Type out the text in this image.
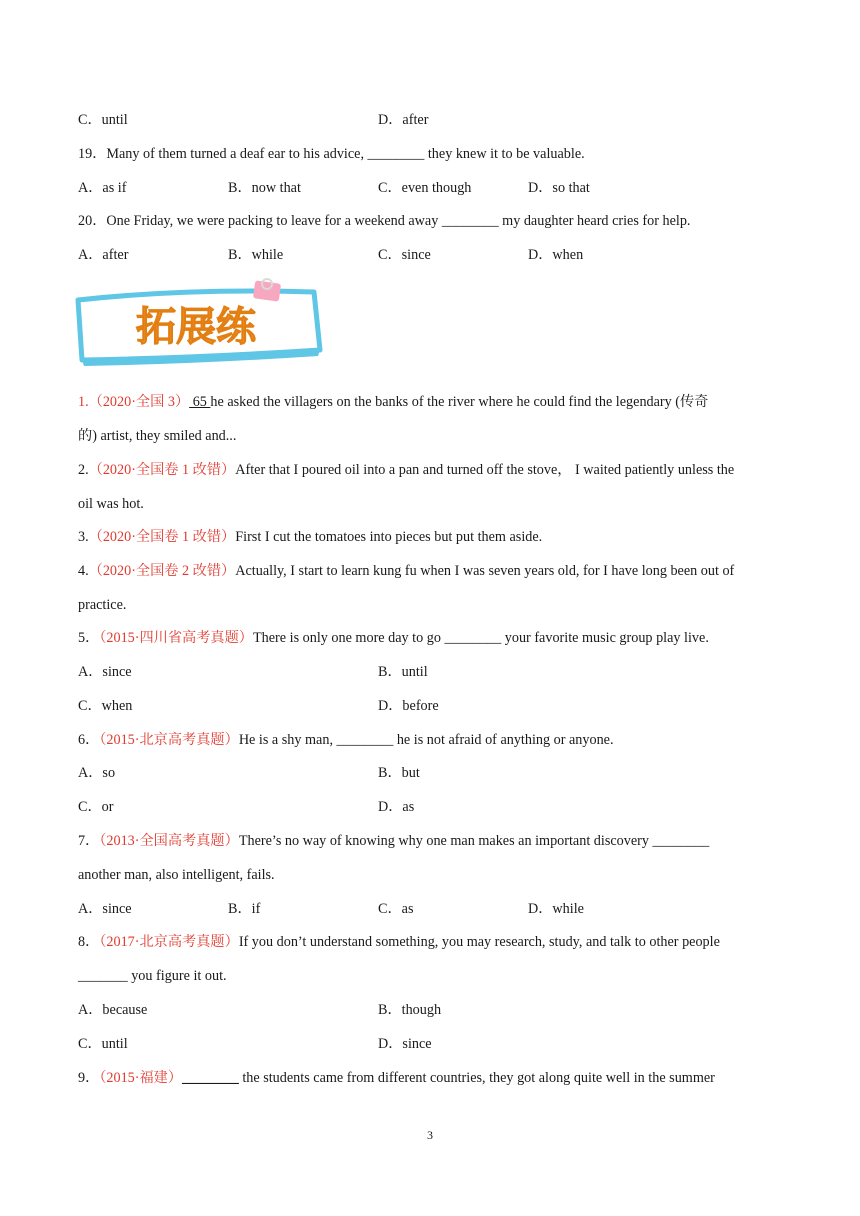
C．until	D．after
19．Many of them turned a deaf ear to his advice, ________ they knew it to be valuable.
A．as if	B．now that	C．even though	D．so that
20．One Friday, we were packing to leave for a weekend away ________ my daughter heard cries for help.
A．after	B．while	C．since	D．when
拓展练
1.（2020·全国 3） 65 he asked the villagers on the banks of the river where he could find the legendary (传奇
的) artist, they smiled and...
2.（2020·全国卷 1 改错）After that I poured oil into a pan and turned off the stove， I waited patiently unless the
oil was hot.
3.（2020·全国卷 1 改错）First I cut the tomatoes into pieces but put them aside.
4.（2020·全国卷 2 改错）Actually, I start to learn kung fu when I was seven years old, for I have long been out of
practice.
5．（2015·四川省高考真题）There is only one more day to go ________ your favorite music group play live.
A．since	B．until
C．when	D．before
6．（2015·北京高考真题）He is a shy man, ________ he is not afraid of anything or anyone.
A．so	B．but
C．or	D．as
7．（2013·全国高考真题）There’s no way of knowing why one man makes an important discovery ________
another man, also intelligent, fails.
A．since	B．if	C．as	D．while
8．（2017·北京高考真题）If you don’t understand something, you may research, study, and talk to other people
_______ you figure it out.
A．because	B．though
C．until	D．since
9．（2015·福建）________ the students came from different countries, they got along quite well in the summer
3
